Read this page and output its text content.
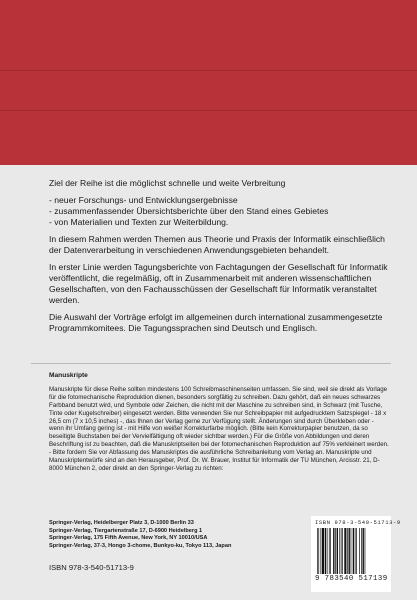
Ziel der Reihe ist die möglichst schnelle und weite Verbreitung

- neuer Forschungs- und Entwicklungsergebnisse
- zusammenfassender Übersichtsberichte über den Stand eines Gebietes
- von Materialien und Texten zur Weiterbildung.

In diesem Rahmen werden Themen aus Theorie und Praxis der Informatik einschließlich der Datenverarbeitung in verschiedenen Anwendungsgebieten behandelt.

In erster Linie werden Tagungsberichte von Fachtagungen der Gesellschaft für Informatik veröffentlicht, die regelmäßig, oft in Zusammenarbeit mit anderen wissenschaftlichen Gesellschaften, von den Fachausschüssen der Gesellschaft für Informatik veranstaltet werden.

Die Auswahl der Vorträge erfolgt im allgemeinen durch international zusammengesetzte Programmkomitees. Die Tagungssprachen sind Deutsch und Englisch.

Manuskripte

Manuskripte für diese Reihe sollten mindestens 100 Schreibmaschinenseiten umfassen. Sie sind, weil sie direkt als Vorlage für die fotomechanische Reproduktion dienen, besonders sorgfältig zu schreiben. Dazu gehört, daß ein neues schwarzes Farbband benutzt wird, und Symbole oder Zeichen, die nicht mit der Maschine zu schreiben sind, in Schwarz (mit Tusche, Tinte oder Kugelschreiber) eingesetzt werden. Bitte verwenden Sie nur Schreibpapier mit aufgedrucktem Satzspiegel - 18 x 26,5 cm (7 x 10,5 inches) -, das Ihnen der Verlag gerne zur Verfügung stellt. Änderungen sind durch Überkleben oder - wenn ihr Umfang gering ist - mit Hilfe von weißer Korrekturfarbe möglich. (Bitte kein Korrekturpapier benutzen, da so beseitigte Buchstaben bei der Vervielfältigung oft wieder sichtbar werden.) Für die Größe von Abbildungen und deren Beschriftung ist zu beachten, daß die Manuskriptseiten bei der fotomechanischen Reproduktion auf 75% verkleinert werden. - Bitte fordern Sie vor Abfassung des Manuskriptes die ausführliche Schreibanleitung vom Verlag an. Manuskripte und Manuskriptentwürfe sind an den Herausgeber, Prof. Dr. W. Brauer, Institut für Informatik der TU München, Arcisstr. 21, D-8000 München 2, oder direkt an den Springer-Verlag zu richten:

Springer-Verlag, Heidelberger Platz 3, D-1000 Berlin 33
Springer-Verlag, Tiergartenstraße 17, D-6900 Heidelberg 1
Springer-Verlag, 175 Fifth Avenue, New York, NY 10010/USA
Springer-Verlag, 37-3, Hongo 3-chome, Bunkyo-ku, Tokyo 113, Japan
ISBN 978-3-540-51713-9
ISBN 978-3-540-51713-9
9 783540 517139
